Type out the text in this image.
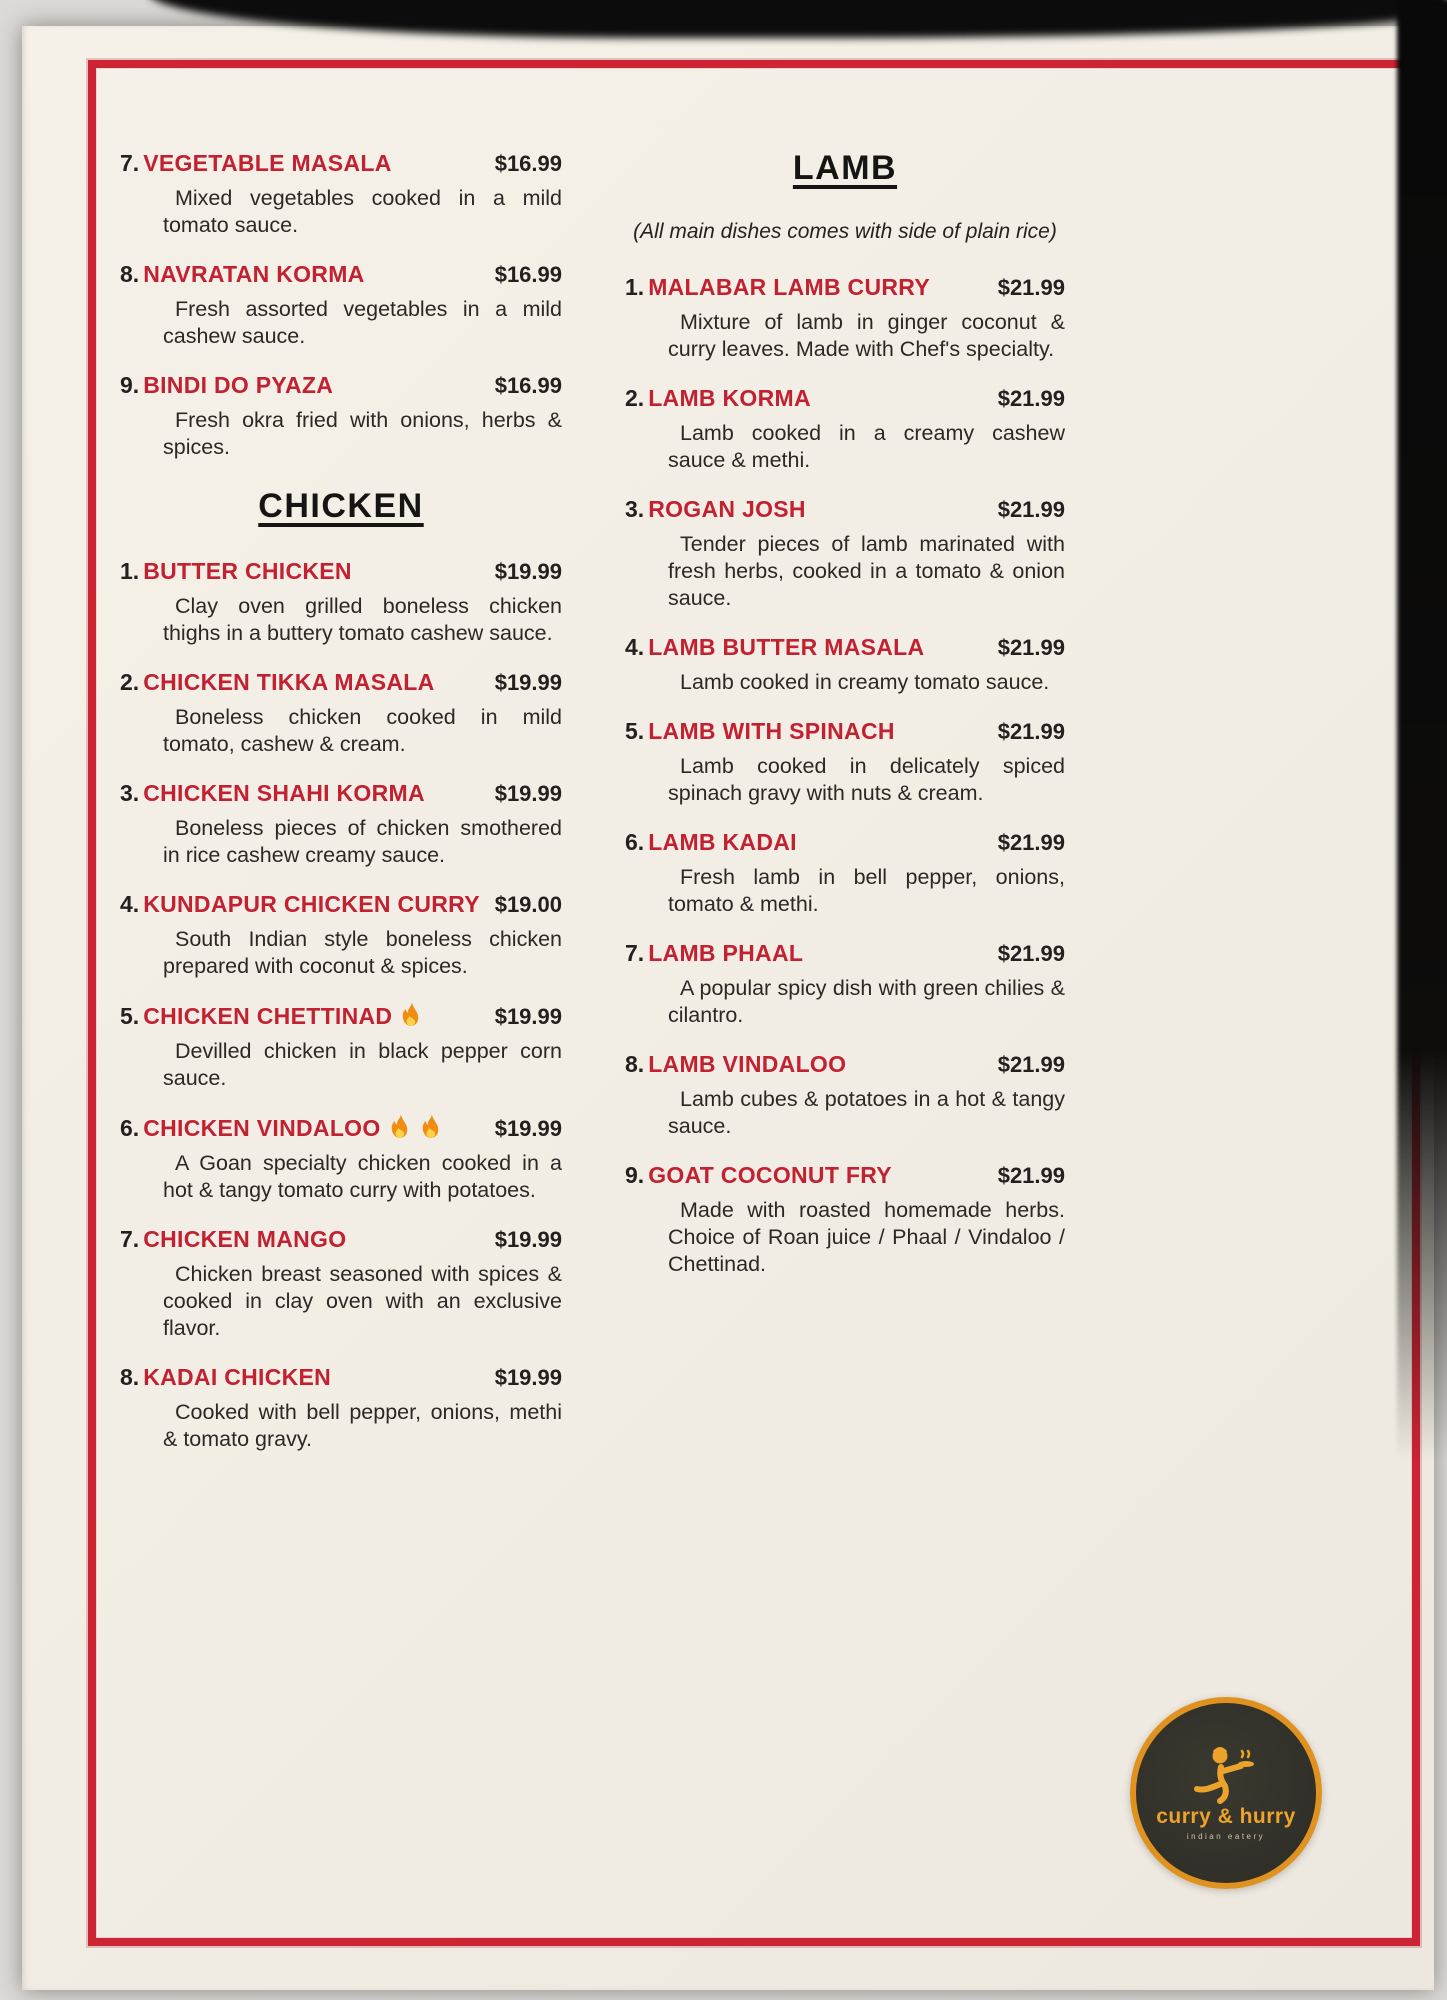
7. VEGETABLE MASALA	$16.99

Mixed vegetables cooked in a mild tomato sauce.

8. NAVRATAN KORMA	$16.99

Fresh assorted vegetables in a mild cashew sauce.

9. BINDI DO PYAZA	$16.99

Fresh okra fried with onions, herbs & spices.

CHICKEN
1. BUTTER CHICKEN	$19.99

Clay oven grilled boneless chicken thighs in a buttery tomato cashew sauce.

2. CHICKEN TIKKA MASALA	$19.99

Boneless chicken cooked in mild tomato, cashew & cream.

3. CHICKEN SHAHI KORMA	$19.99

Boneless pieces of chicken smothered in rice cashew creamy sauce.

4. KUNDAPUR CHICKEN CURRY $19.00

South Indian style boneless chicken prepared with coconut & spices.

5. CHICKEN CHETTINAD	$19.99

Devilled chicken in black pepper corn sauce.

6. CHICKEN VINDALOO	$19.99

A Goan specialty chicken cooked in a hot & tangy tomato curry with potatoes.

7. CHICKEN MANGO	$19.99

Chicken breast seasoned with spices & cooked in clay oven with an exclusive flavor.

8. KADAI CHICKEN	$19.99

Cooked with bell pepper, onions, methi & tomato gravy.

LAMB
(All main dishes comes with side of plain rice)
1. MALABAR LAMB CURRY	$21.99

Mixture of lamb in ginger coconut & curry leaves. Made with Chef's specialty.

2. LAMB KORMA	$21.99

Lamb cooked in a creamy cashew sauce & methi.

3. ROGAN JOSH	$21.99

Tender pieces of lamb marinated with fresh herbs, cooked in a tomato & onion sauce.

4. LAMB BUTTER MASALA	$21.99

Lamb cooked in creamy tomato sauce.

5. LAMB WITH SPINACH	$21.99

Lamb cooked in delicately spiced spinach gravy with nuts & cream.

6. LAMB KADAI	$21.99

Fresh lamb in bell pepper, onions, tomato & methi.

7. LAMB PHAAL	$21.99

A popular spicy dish with green chilies & cilantro.

8. LAMB VINDALOO	$21.99

Lamb cubes & potatoes in a hot & tangy sauce.

9. GOAT COCONUT FRY	$21.99

Made with roasted homemade herbs. Choice of Roan juice / Phaal / Vindaloo / Chettinad.

curry & hurry
indian eatery
